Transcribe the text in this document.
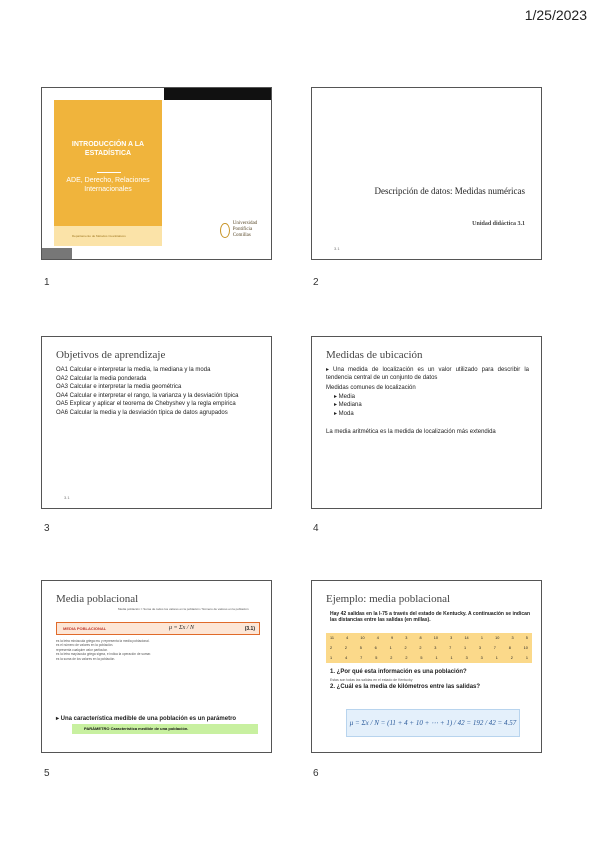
1/25/2023
INTRODUCCIÓN A LA ESTADÍSTICA
ADE, Derecho, Relaciones Internacionales
Departamento de Métodos Cuantitativos
Universidad Pontificia Comillas
1
Descripción de datos: Medidas numéricas
Unidad didáctica 3.1
3.1
2
Objetivos de aprendizaje

OA1 Calcular e interpretar la media, la mediana y la moda

OA2 Calcular la media ponderada

OA3 Calcular e interpretar la media geométrica

OA4 Calcular e interpretar el rango, la varianza y la desviación típica

OA5 Explicar y aplicar el teorema de Chebyshev y la regla empírica

OA6 Calcular la media y la desviación típica de datos agrupados

3.1
3
Medidas de ubicación

▸ Una medida de localización es un valor utilizado para describir la tendencia central de un conjunto de datos

Medidas comunes de localización

▸ Media

▸ Mediana

▸ Moda

La media aritmética es la medida de localización más extendida

4
Media poblacional
Media población = Suma de todos los valores en la población / Número de valores en la población
MEDIA POBLACIONAL	μ = Σx / N	(3.1)
es la letra minúscula griega mu y representa la media poblacional.
es el número de valores en la población.
representa cualquier valor particular.
es la letra mayúscula griega sigma, e indica la operación de sumar.
es la suma de los valores en la población.
▸ Una característica medible de una población es un parámetro
PARÁMETRO Característica medible de una población.
5
Ejemplo: media poblacional
Hay 42 salidas en la I-75 a través del estado de Kentucky. A continuación se indican las distancias entre las salidas (en millas).
11	4	10	4	9	3	8	10	3	14	1	10	3	5
2	2	5	6	1	2	2	3	7	1	3	7	8	10
1	4	7	5	2	2	5	1	1	3	3	1	2	1
1. ¿Por qué esta información es una población?
Estas son todas las salidas en el estado de Kentucky
2. ¿Cuál es la media de kilómetros entre las salidas?
μ = Σx / N = (11 + 4 + 10 + ⋯ + 1) / 42 = 192 / 42 = 4.57
6
